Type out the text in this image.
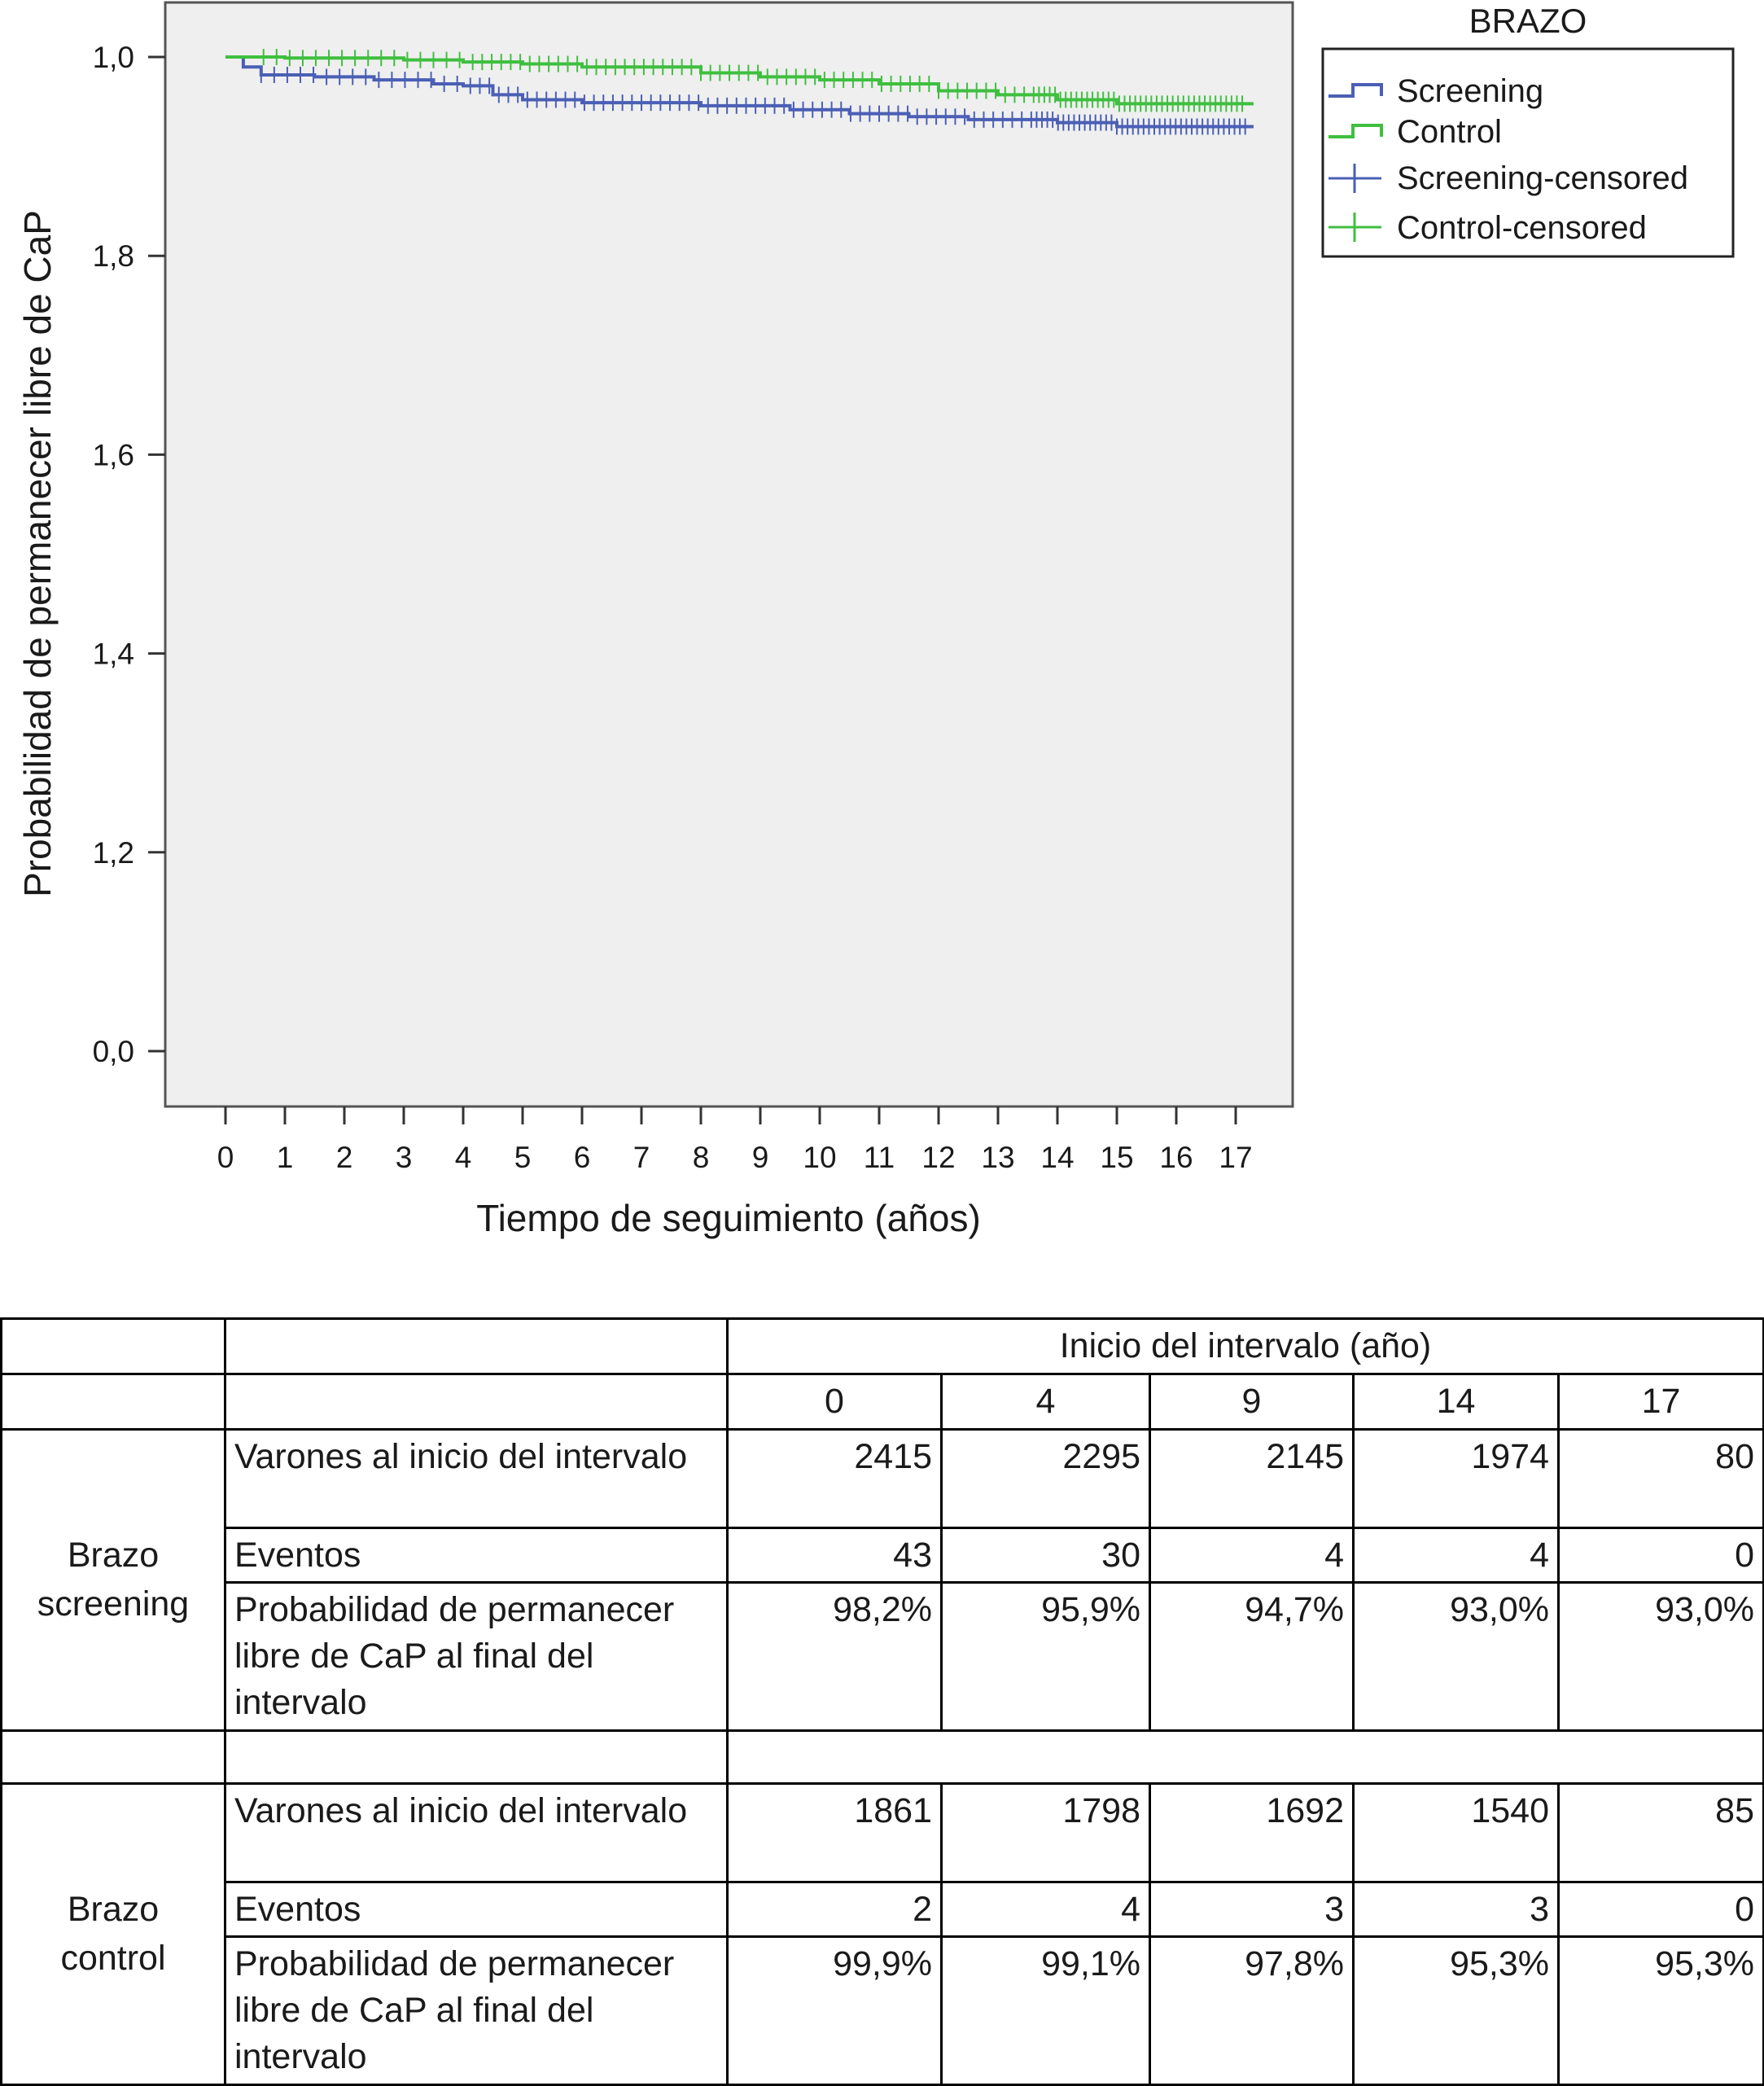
0,0
1,2
1,4
1,6
1,8
1,0
0 1 2 3 4 5 6 7 8 9 10 11 12 13 14 15 16 17
Probabilidad de permanecer libre de CaP
Tiempo de seguimiento (años)
BRAZO
Screening
Control
Screening-censored
Control-censored
		Inicio del intervalo (año)				
		0	4	9	14	17
Brazo screening	Varones al inicio del intervalo	2415	2295	2145	1974	80
	Eventos	43	30	4	4	0
	Probabilidad de permanecer libre de CaP al final del intervalo	98,2%	95,9%	94,7%	93,0%	93,0%

Brazo control	Varones al inicio del intervalo	1861	1798	1692	1540	85
	Eventos	2	4	3	3	0
	Probabilidad de permanecer libre de CaP al final del intervalo	99,9%	99,1%	97,8%	95,3%	95,3%
